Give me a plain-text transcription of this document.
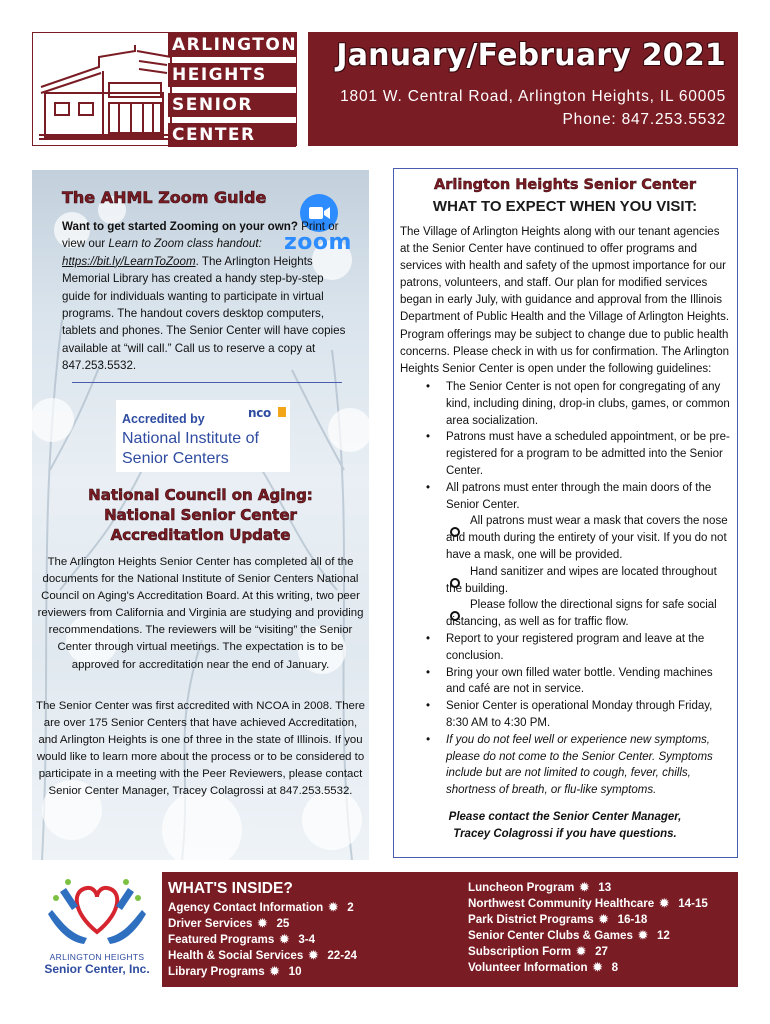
ARLINGTON
HEIGHTS
SENIOR
CENTER
January/February 2021
1801 W. Central Road, Arlington Heights, IL 60005
Phone: 847.253.5532
The AHML Zoom Guide
zoom
Want to get started Zooming on your own? Print or view our Learn to Zoom class handout: https://bit.ly/LearnToZoom. The Arlington Heights Memorial Library has created a handy step-by-step guide for individuals wanting to participate in virtual programs. The handout covers desktop computers, tablets and phones. The Senior Center will have copies available at “will call.” Call us to reserve a copy at 847.253.5532.
Accredited by	nco
National Institute of
Senior Centers
National Council on Aging:
National Senior Center
Accreditation Update
The Arlington Heights Senior Center has completed all of the documents for the National Institute of Senior Centers National Council on Aging's Accreditation Board. At this writing, two peer reviewers from California and Virginia are studying and providing recommendations. The reviewers will be “visiting” the Senior Center through virtual meetings. The expectation is to be approved for accreditation near the end of January.
The Senior Center was first accredited with NCOA in 2008. There are over 175 Senior Centers that have achieved Accreditation, and Arlington Heights is one of three in the state of Illinois. If you would like to learn more about the process or to be considered to participate in a meeting with the Peer Reviewers, please contact Senior Center Manager, Tracey Colagrossi at 847.253.5532.
Arlington Heights Senior Center
WHAT TO EXPECT WHEN YOU VISIT:
The Village of Arlington Heights along with our tenant agencies at the Senior Center have continued to offer programs and services with health and safety of the upmost importance for our patrons, volunteers, and staff. Our plan for modified services began in early July, with guidance and approval from the Illinois Department of Public Health and the Village of Arlington Heights. Program offerings may be subject to change due to public health concerns. Please check in with us for confirmation. The Arlington Heights Senior Center is open under the following guidelines:
• The Senior Center is not open for congregating of any kind, including dining, drop-in clubs, games, or common area socialization.
• Patrons must have a scheduled appointment, or be pre-registered for a program to be admitted into the Senior Center.
• All patrons must enter through the main doors of the Senior Center.
All patrons must wear a mask that covers the nose and mouth during the entirety of your visit. If you do not have a mask, one will be provided.
Hand sanitizer and wipes are located throughout the building.
Please follow the directional signs for safe social distancing, as well as for traffic flow.
• Report to your registered program and leave at the conclusion.
• Bring your own filled water bottle. Vending machines and café are not in service.
• Senior Center is operational Monday through Friday, 8:30 AM to 4:30 PM.
• If you do not feel well or experience new symptoms, please do not come to the Senior Center. Symptoms include but are not limited to cough, fever, chills, shortness of breath, or flu-like symptoms.
Please contact the Senior Center Manager,
Tracey Colagrossi if you have questions.
ARLINGTON HEIGHTS
Senior Center, Inc.
WHAT'S INSIDE?
Agency Contact Information ✹ 2
Driver Services ✹ 25
Featured Programs ✹ 3-4
Health & Social Services ✹ 22-24
Library Programs ✹ 10
Luncheon Program ✹ 13
Northwest Community Healthcare ✹ 14-15
Park District Programs ✹ 16-18
Senior Center Clubs & Games ✹ 12
Subscription Form ✹ 27
Volunteer Information ✹ 8
